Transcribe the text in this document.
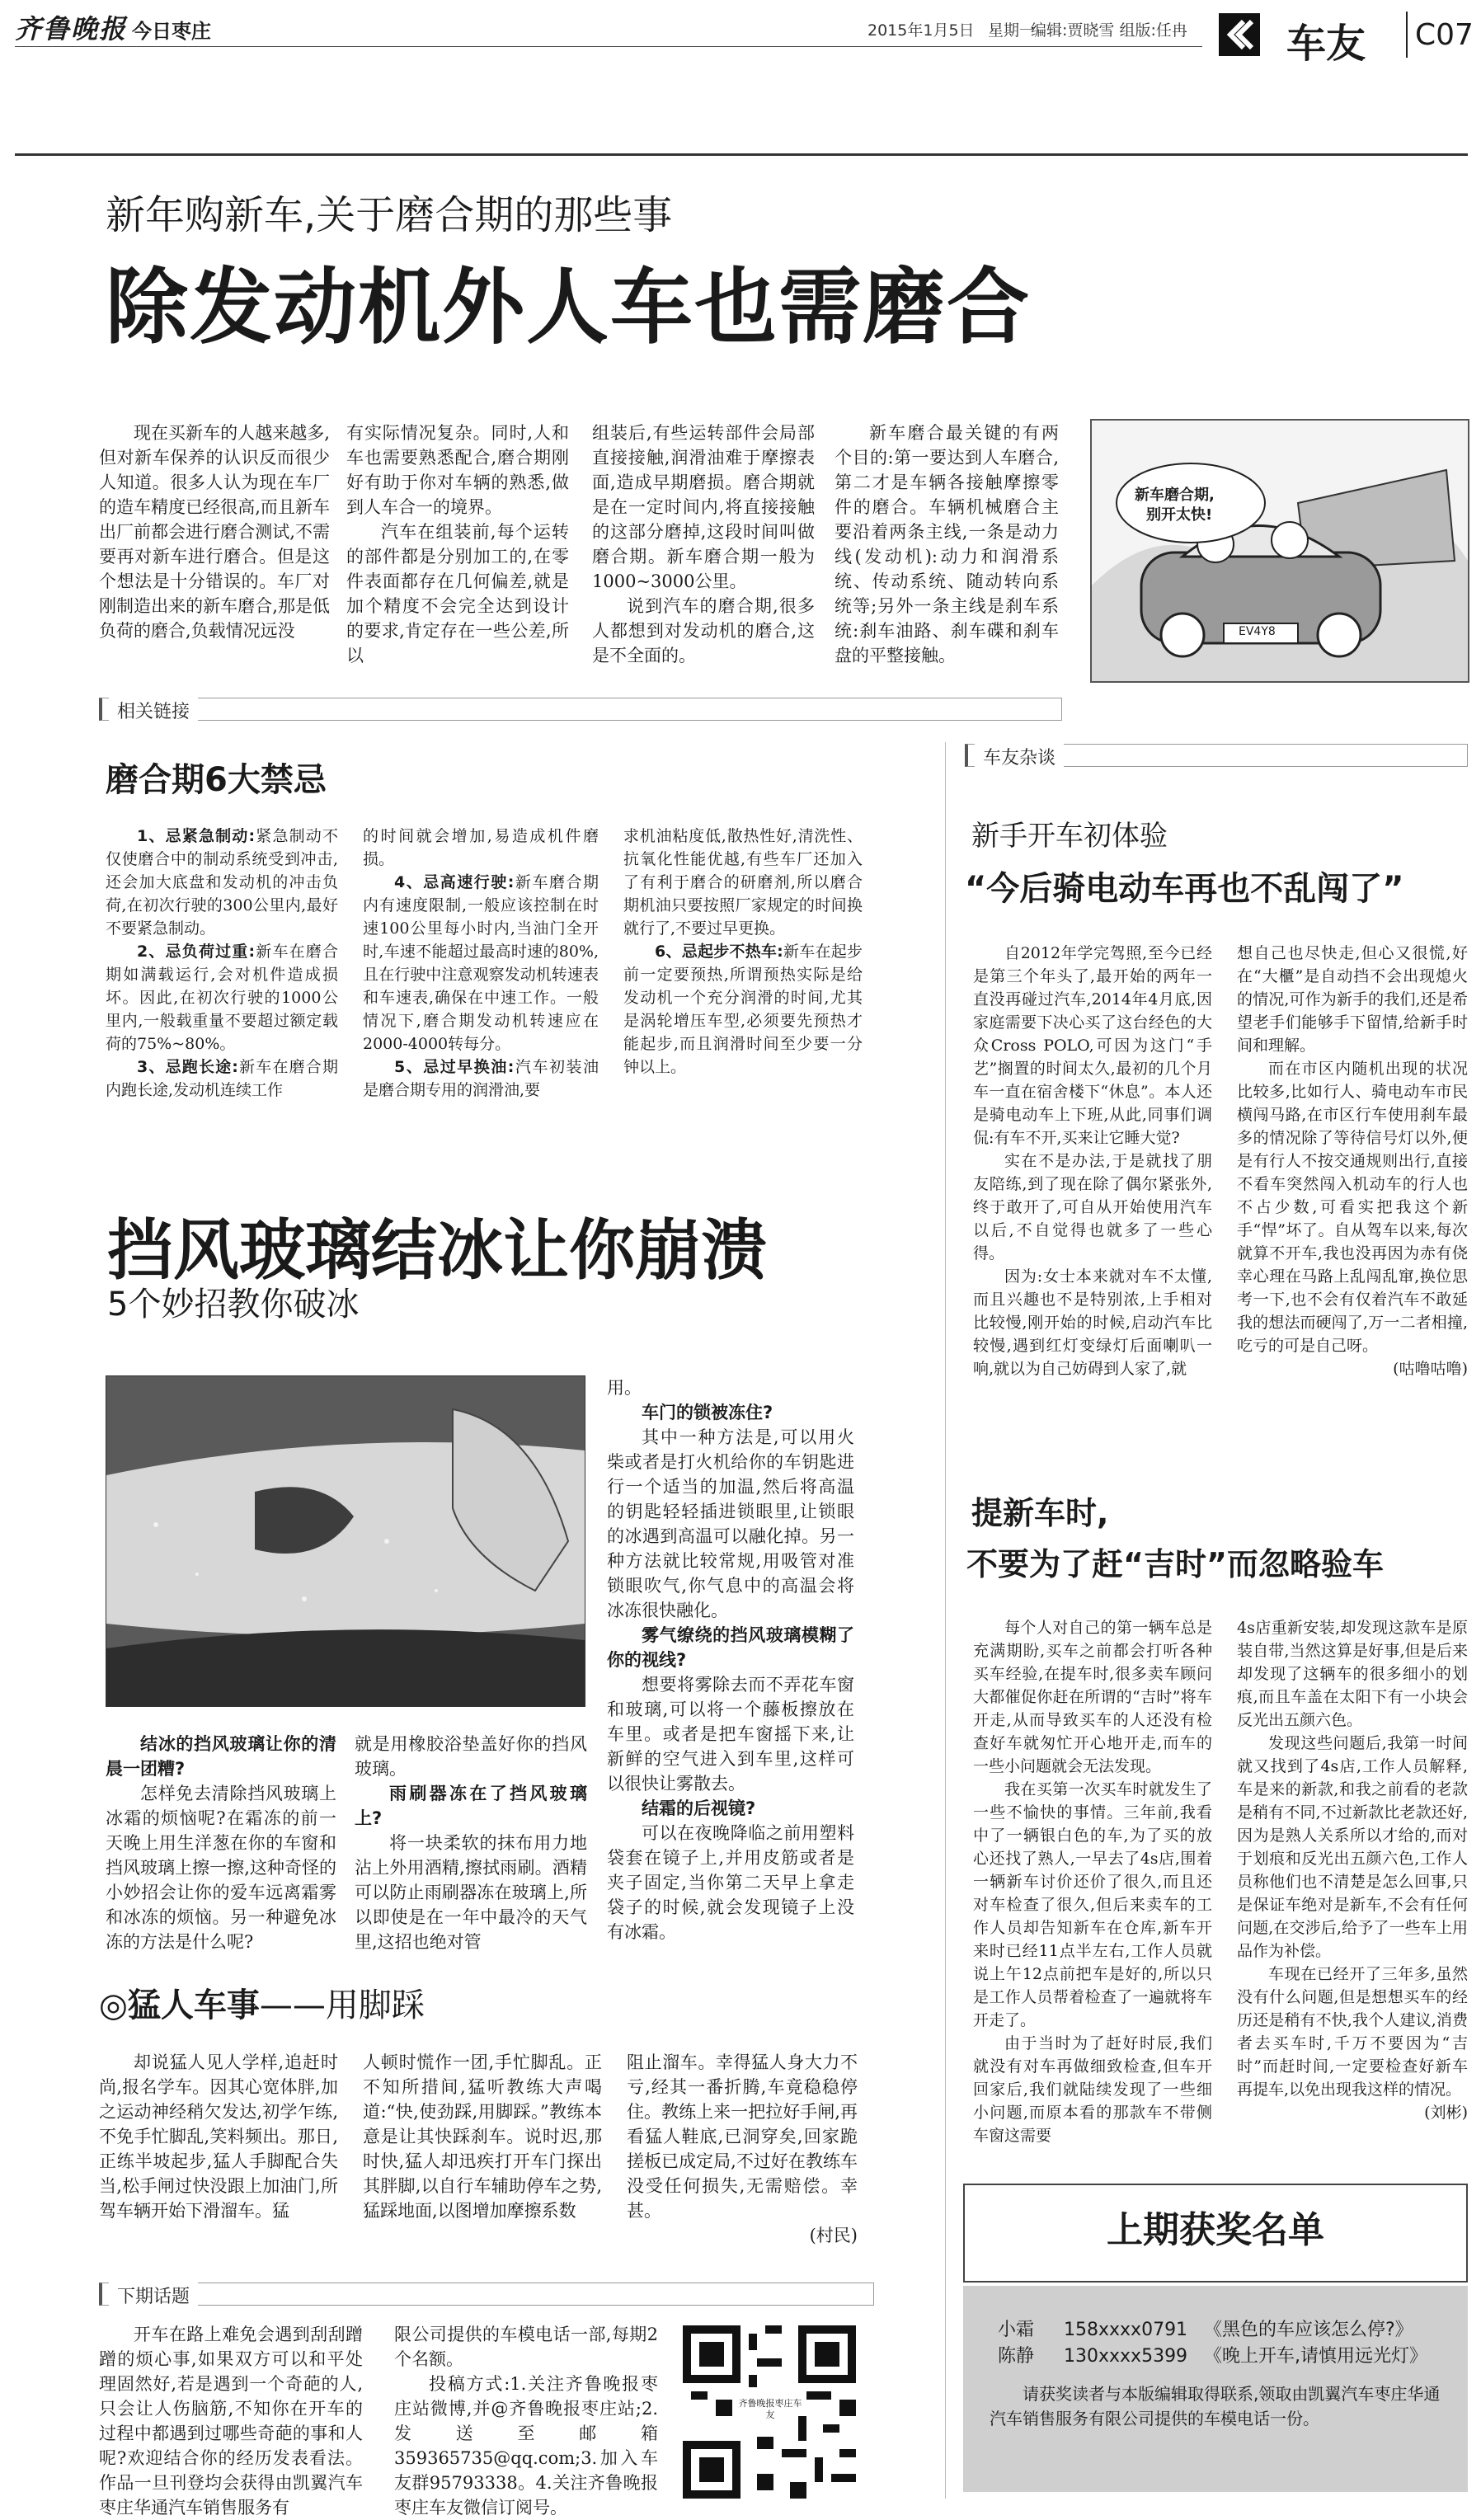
齐鲁晚报 今日枣庄	2015年1月5日 星期一
编辑:贾晓雪 组版:任冉	车友 C07
新年购新车,关于磨合期的那些事
除发动机外人车也需磨合

现在买新车的人越来越多,但对新车保养的认识反而很少人知道。很多人认为现在车厂的造车精度已经很高,而且新车出厂前都会进行磨合测试,不需要再对新车进行磨合。但是这个想法是十分错误的。车厂对刚制造出来的新车磨合,那是低负荷的磨合,负载情况远没

有实际情况复杂。同时,人和车也需要熟悉配合,磨合期刚好有助于你对车辆的熟悉,做到人车合一的境界。

汽车在组装前,每个运转的部件都是分别加工的,在零件表面都存在几何偏差,就是加个精度不会完全达到设计的要求,肯定存在一些公差,所以

组装后,有些运转部件会局部直接接触,润滑油难于摩擦表面,造成早期磨损。磨合期就是在一定时间内,将直接接触的这部分磨掉,这段时间叫做磨合期。新车磨合期一般为1000~3000公里。

说到汽车的磨合期,很多人都想到对发动机的磨合,这是不全面的。

新车磨合最关键的有两个目的:第一要达到人车磨合,第二才是车辆各接触摩擦零件的磨合。车辆机械磨合主要沿着两条主线,一条是动力线(发动机):动力和润滑系统、传动系统、随动转向系统等;另外一条主线是刹车系统:刹车油路、刹车碟和刹车盘的平整接触。

新车磨合期,
别开太快!
EV4Y8
相关链接
磨合期6大禁忌

1、忌紧急制动:紧急制动不仅使磨合中的制动系统受到冲击,还会加大底盘和发动机的冲击负荷,在初次行驶的300公里内,最好不要紧急制动。

2、忌负荷过重:新车在磨合期如满载运行,会对机件造成损坏。因此,在初次行驶的1000公里内,一般载重量不要超过额定载荷的75%~80%。

3、忌跑长途:新车在磨合期内跑长途,发动机连续工作

的时间就会增加,易造成机件磨损。

4、忌高速行驶:新车磨合期内有速度限制,一般应该控制在时速100公里每小时内,当油门全开时,车速不能超过最高时速的80%,且在行驶中注意观察发动机转速表和车速表,确保在中速工作。一般情况下,磨合期发动机转速应在2000-4000转每分。

5、忌过早换油:汽车初装油是磨合期专用的润滑油,要

求机油粘度低,散热性好,清洗性、抗氧化性能优越,有些车厂还加入了有利于磨合的研磨剂,所以磨合期机油只要按照厂家规定的时间换就行了,不要过早更换。

6、忌起步不热车:新车在起步前一定要预热,所谓预热实际是给发动机一个充分润滑的时间,尤其是涡轮增压车型,必须要先预热才能起步,而且润滑时间至少要一分钟以上。

挡风玻璃结冰让你崩溃
5个妙招教你破冰

结冰的挡风玻璃让你的清晨一团糟?

怎样免去清除挡风玻璃上冰霜的烦恼呢?在霜冻的前一天晚上用生洋葱在你的车窗和挡风玻璃上擦一擦,这种奇怪的小妙招会让你的爱车远离霜雾和冰冻的烦恼。另一种避免冰冻的方法是什么呢?

就是用橡胶浴垫盖好你的挡风玻璃。

雨刷器冻在了挡风玻璃上?

将一块柔软的抹布用力地沾上外用酒精,擦拭雨刷。酒精可以防止雨刷器冻在玻璃上,所以即使是在一年中最冷的天气里,这招也绝对管

用。

车门的锁被冻住?

其中一种方法是,可以用火柴或者是打火机给你的车钥匙进行一个适当的加温,然后将高温的钥匙轻轻插进锁眼里,让锁眼的冰遇到高温可以融化掉。另一种方法就比较常规,用吸管对准锁眼吹气,你气息中的高温会将冰冻很快融化。

雾气缭绕的挡风玻璃模糊了你的视线?

想要将雾除去而不弄花车窗和玻璃,可以将一个藤板擦放在车里。或者是把车窗摇下来,让新鲜的空气进入到车里,这样可以很快让雾散去。

结霜的后视镜?

可以在夜晚降临之前用塑料袋套在镜子上,并用皮筋或者是夹子固定,当你第二天早上拿走袋子的时候,就会发现镜子上没有冰霜。

◎猛人车事——用脚踩

却说猛人见人学样,追赶时尚,报名学车。因其心宽体胖,加之运动神经稍欠发达,初学乍练,不免手忙脚乱,笑料频出。那日,正练半坡起步,猛人手脚配合失当,松手闸过快没跟上加油门,所驾车辆开始下滑溜车。猛

人顿时慌作一团,手忙脚乱。正不知所措间,猛听教练大声喝道:“快,使劲踩,用脚踩。”教练本意是让其快踩刹车。说时迟,那时快,猛人却迅疾打开车门探出其胖脚,以自行车辅助停车之势,猛踩地面,以图增加摩擦系数

阻止溜车。幸得猛人身大力不亏,经其一番折腾,车竟稳稳停住。教练上来一把拉好手闸,再看猛人鞋底,已洞穿矣,回家跪搓板已成定局,不过好在教练车没受任何损失,无需赔偿。幸甚。

(村民)
下期话题

开车在路上难免会遇到刮刮蹭蹭的烦心事,如果双方可以和平处理固然好,若是遇到一个奇葩的人,只会让人伤脑筋,不知你在开车的过程中都遇到过哪些奇葩的事和人呢?欢迎结合你的经历发表看法。作品一旦刊登均会获得由凯翼汽车枣庄华通汽车销售服务有

限公司提供的车模电话一部,每期2个名额。

投稿方式:1.关注齐鲁晚报枣庄站微博,并@齐鲁晚报枣庄站;2.发送至邮箱359365735@qq.com;3.加入车友群95793338。4.关注齐鲁晚报枣庄车友微信订阅号。

齐鲁晚报枣庄车友
车友杂谈
新手开车初体验
“今后骑电动车再也不乱闯了”

自2012年学完驾照,至今已经是第三个年头了,最开始的两年一直没再碰过汽车,2014年4月底,因家庭需要下决心买了这台经色的大众Cross POLO,可因为这门“手艺”搁置的时间太久,最初的几个月车一直在宿舍楼下“休息”。本人还是骑电动车上下班,从此,同事们调侃:有车不开,买来让它睡大觉?

实在不是办法,于是就找了朋友陪练,到了现在除了偶尔紧张外,终于敢开了,可自从开始使用汽车以后,不自觉得也就多了一些心得。

因为:女士本来就对车不太懂,而且兴趣也不是特别浓,上手相对比较慢,刚开始的时候,启动汽车比较慢,遇到红灯变绿灯后面喇叭一响,就以为自己妨碍到人家了,就

想自己也尽快走,但心又很慌,好在“大櫃”是自动挡不会出现熄火的情况,可作为新手的我们,还是希望老手们能够手下留情,给新手时间和理解。

而在市区内随机出现的状况比较多,比如行人、骑电动车市民横闯马路,在市区行车使用刹车最多的情况除了等待信号灯以外,便是有行人不按交通规则出行,直接不看车突然闯入机动车的行人也不占少数,可看实把我这个新手“悍”坏了。自从驾车以来,每次就算不开车,我也没再因为赤有侥幸心理在马路上乱闯乱窜,换位思考一下,也不会有仅着汽车不敢延我的想法而硬闯了,万一二者相撞,吃亏的可是自己呀。

(咕噜咕噜)
提新车时,
不要为了赶“吉时”而忽略验车

每个人对自己的第一辆车总是充满期盼,买车之前都会打听各种买车经验,在提车时,很多卖车顾问大都催促你赶在所谓的“吉时”将车开走,从而导致买车的人还没有检查好车就匆忙开心地开走,而车的一些小问题就会无法发现。

我在买第一次买车时就发生了一些不愉快的事情。三年前,我看中了一辆银白色的车,为了买的放心还找了熟人,一早去了4s店,围着一辆新车讨价还价了很久,而且还对车检查了很久,但后来卖车的工作人员却告知新车在仓库,新车开来时已经11点半左右,工作人员就说上午12点前把车是好的,所以只是工作人员帮着检查了一遍就将车开走了。

由于当时为了赶好时辰,我们就没有对车再做细致检查,但车开回家后,我们就陆续发现了一些细小问题,而原本看的那款车不带侧车窗这需要

4s店重新安装,却发现这款车是原装自带,当然这算是好事,但是后来却发现了这辆车的很多细小的划痕,而且车盖在太阳下有一小块会反光出五颜六色。

发现这些问题后,我第一时间就又找到了4s店,工作人员解释,车是来的新款,和我之前看的老款是稍有不同,不过新款比老款还好,因为是熟人关系所以才给的,而对于划痕和反光出五颜六色,工作人员称他们也不清楚是怎么回事,只是保证车绝对是新车,不会有任何问题,在交涉后,给予了一些车上用品作为补偿。

车现在已经开了三年多,虽然没有什么问题,但是想想买车的经历还是稍有不快,我个人建议,消费者去买车时,千万不要因为“吉时”而赶时间,一定要检查好新车再提车,以免出现我这样的情况。

(刘彬)
上期获奖名单
小霜 158xxxx0791 《黑色的车应该怎么停?》
陈静 130xxxx5399 《晚上开车,请慎用远光灯》
请获奖读者与本版编辑取得联系,领取由凯翼汽车枣庄华通汽车销售服务有限公司提供的车模电话一份。
